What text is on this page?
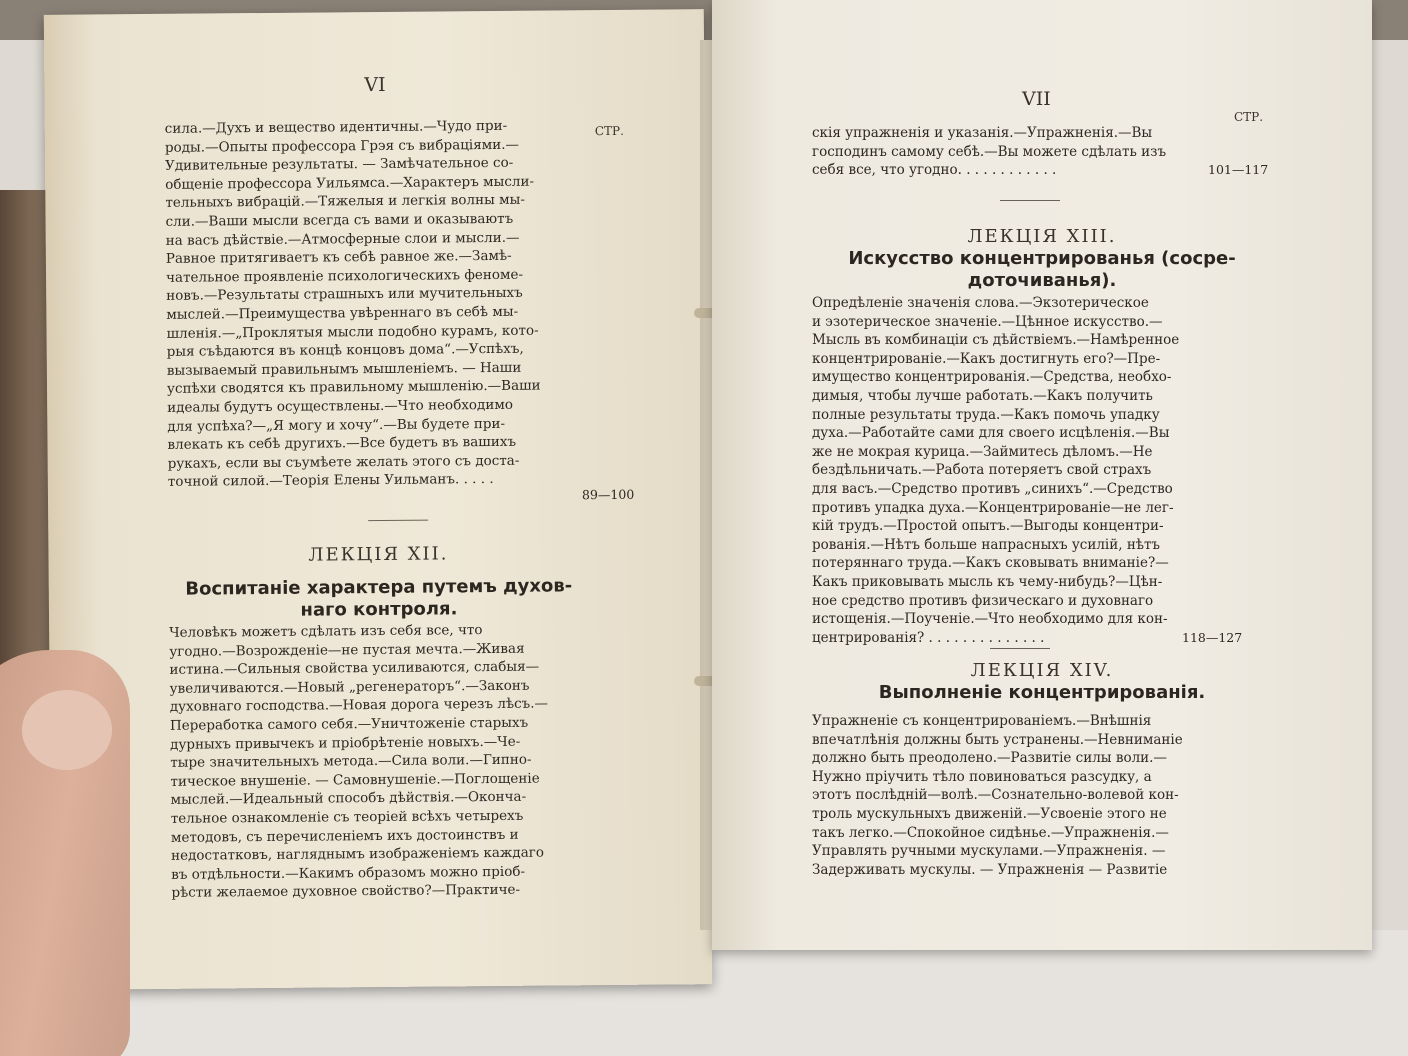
VI
СТР.
сила.—Духъ и вещество идентичны.—Чудо при-
роды.—Опыты профессора Грэя съ вибраціями.—
Удивительные результаты. — Замѣчательное со-
общеніе профессора Уильямса.—Характеръ мысли-
тельныхъ вибрацій.—Тяжелыя и легкія волны мы-
сли.—Ваши мысли всегда съ вами и оказываютъ
на васъ дѣйствіе.—Атмосферные слои и мысли.—
Равное притягиваетъ къ себѣ равное же.—Замѣ-
чательное проявленіе психологическихъ феноме-
новъ.—Результаты страшныхъ или мучительныхъ
мыслей.—Преимущества увѣреннаго въ себѣ мы-
шленія.—„Проклятыя мысли подобно курамъ, кото-
рыя съѣдаются въ концѣ концовъ дома“.—Успѣхъ,
вызываемый правильнымъ мышленіемъ. — Наши
успѣхи сводятся къ правильному мышленію.—Ваши
идеалы будутъ осуществлены.—Что необходимо
для успѣха?—„Я могу и хочу“.—Вы будете при-
влекать къ себѣ другихъ.—Все будетъ въ вашихъ
рукахъ, если вы съумѣете желать этого съ доста-
точной силой.—Теорія Елены Уильманъ. . . . .
89—100
ЛЕКЦІЯ XII.
Воспитаніе характера путемъ духов-
наго контроля.
Человѣкъ можетъ сдѣлать изъ себя все, что
угодно.—Возрожденіе—не пустая мечта.—Живая
истина.—Сильныя свойства усиливаются, слабыя—
увеличиваются.—Новый „регенераторъ“.—Законъ
духовнаго господства.—Новая дорога черезъ лѣсъ.—
Переработка самого себя.—Уничтоженіе старыхъ
дурныхъ привычекъ и пріобрѣтеніе новыхъ.—Че-
тыре значительныхъ метода.—Сила воли.—Гипно-
тическое внушеніе. — Самовнушеніе.—Поглощеніе
мыслей.—Идеальный способъ дѣйствія.—Оконча-
тельное ознакомленіе съ теоріей всѣхъ четырехъ
методовъ, съ перечисленіемъ ихъ достоинствъ и
недостатковъ, нагляднымъ изображеніемъ каждаго
въ отдѣльности.—Какимъ образомъ можно пріоб-
рѣсти желаемое духовное свойство?—Практиче-
VII
СТР.
скія упражненія и указанія.—Упражненія.—Вы
господинъ самому себѣ.—Вы можете сдѣлать изъ
себя все, что угодно. . . . . . . . . . . .	101—117
ЛЕКЦІЯ XIII.
Искусство концентрированья (сосре-
доточиванья).
Опредѣленіе значенія слова.—Экзотерическое
и эзотерическое значеніе.—Цѣнное искусство.—
Мысль въ комбинаціи съ дѣйствіемъ.—Намѣренное
концентрированіе.—Какъ достигнуть его?—Пре-
имущество концентрированія.—Средства, необхо-
димыя, чтобы лучше работать.—Какъ получить
полные результаты труда.—Какъ помочь упадку
духа.—Работайте сами для своего исцѣленія.—Вы
же не мокрая курица.—Займитесь дѣломъ.—Не
бездѣльничать.—Работа потеряетъ свой страхъ
для васъ.—Средство противъ „синихъ“.—Средство
противъ упадка духа.—Концентрированіе—не лег-
кій трудъ.—Простой опытъ.—Выгоды концентри-
рованія.—Нѣтъ больше напрасныхъ усилій, нѣтъ
потеряннаго труда.—Какъ сковывать вниманіе?—
Какъ приковывать мысль къ чему-нибудь?—Цѣн-
ное средство противъ физическаго и духовнаго
истощенія.—Поученіе.—Что необходимо для кон-
центрированія? . . . . . . . . . . . . . .	118—127
ЛЕКЦІЯ XIV.
Выполненіе концентрированія.
Упражненіе съ концентрированіемъ.—Внѣшнія
впечатлѣнія должны быть устранены.—Невниманіе
должно быть преодолено.—Развитіе силы воли.—
Нужно пріучить тѣло повиноваться разсудку, а
этотъ послѣдній—волѣ.—Сознательно-волевой кон-
троль мускульныхъ движеній.—Усвоеніе этого не
такъ легко.—Спокойное сидѣнье.—Упражненія.—
Управлять ручными мускулами.—Упражненія. —
Задерживать мускулы. — Упражненія — Развитіе
